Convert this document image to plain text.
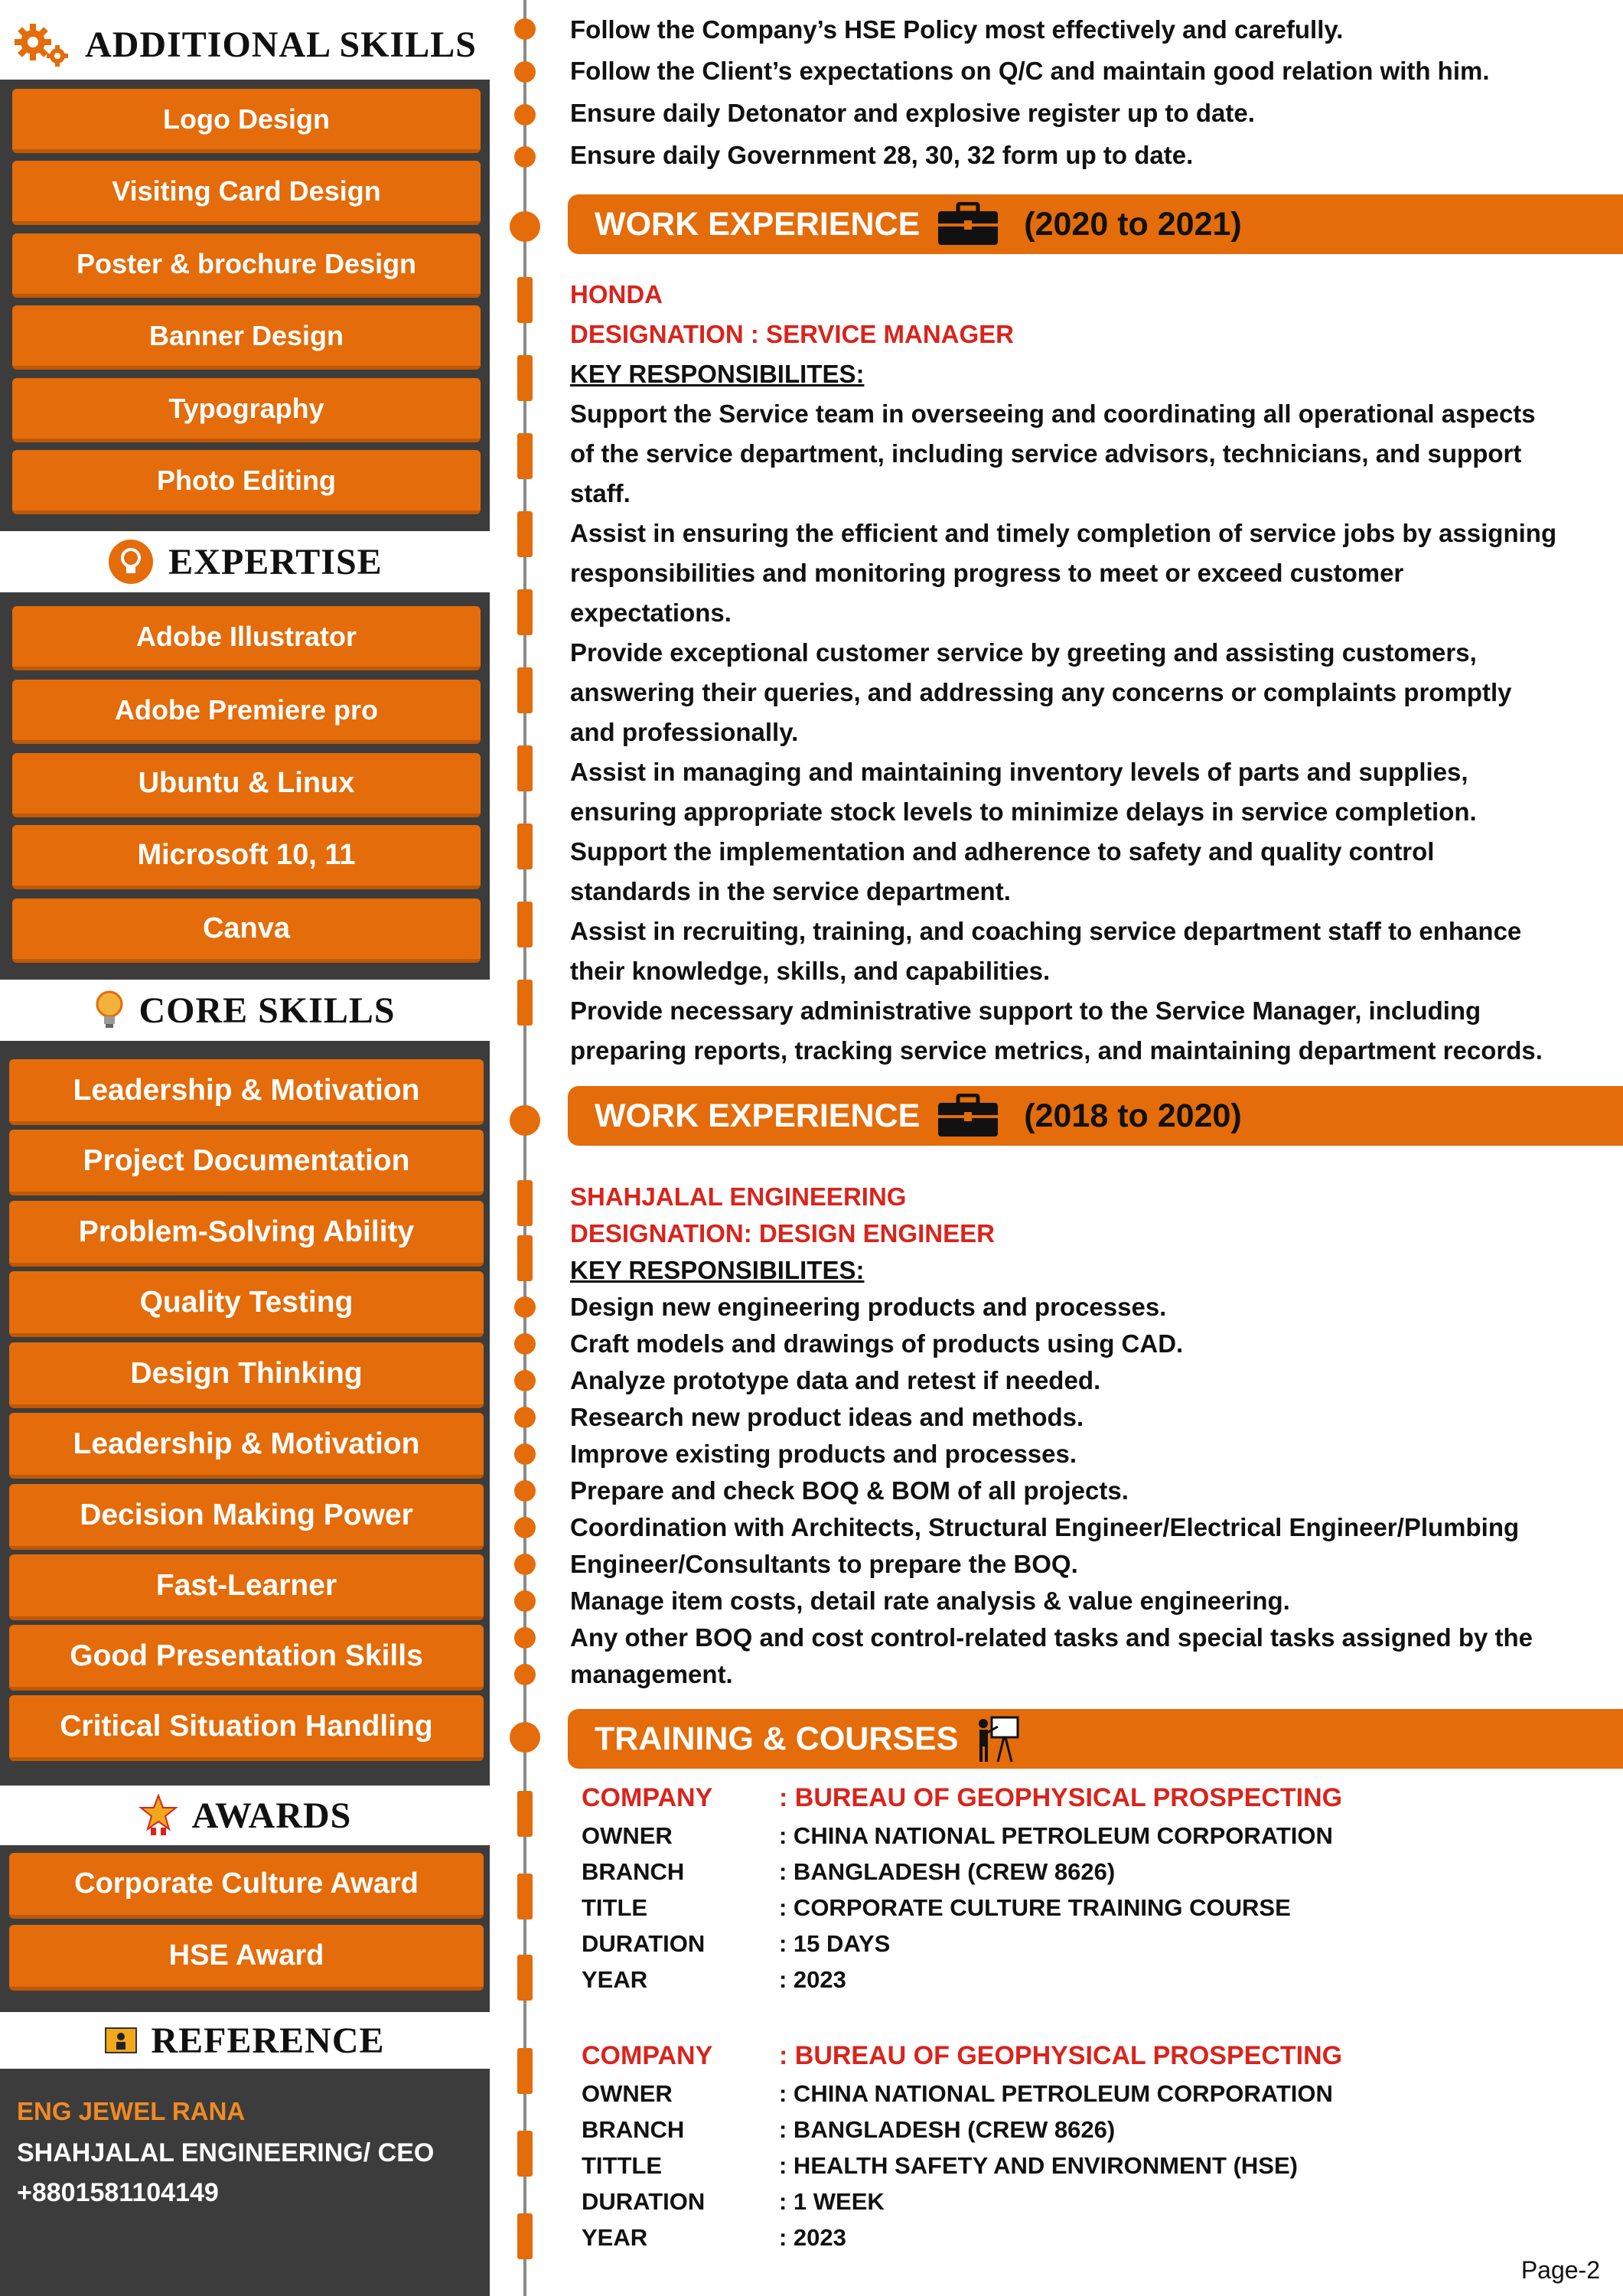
ADDITIONAL SKILLS
Logo Design
Visiting Card Design
Poster & brochure Design
Banner Design
Typography
Photo Editing
EXPERTISE
Adobe Illustrator
Adobe Premiere pro
Ubuntu & Linux
Microsoft 10, 11
Canva
CORE SKILLS
Leadership & Motivation
Project Documentation
Problem-Solving Ability
Quality Testing
Design Thinking
Leadership & Motivation
Decision Making Power
Fast-Learner
Good Presentation Skills
Critical Situation Handling
AWARDS
Corporate Culture Award
HSE Award
REFERENCE
ENG JEWEL RANA
SHAHJALAL ENGINEERING/ CEO
+8801581104149
Follow the Company’s HSE Policy most effectively and carefully.
Follow the Client’s expectations on Q/C and maintain good relation with him.
Ensure daily Detonator and explosive register up to date.
Ensure daily Government 28, 30, 32 form up to date.
WORK EXPERIENCE	(2020 to 2021)
HONDA
DESIGNATION : SERVICE MANAGER
KEY RESPONSIBILITES:
Support the Service team in overseeing and coordinating all operational aspects
of the service department, including service advisors, technicians, and support
staff.
Assist in ensuring the efficient and timely completion of service jobs by assigning
responsibilities and monitoring progress to meet or exceed customer
expectations.
Provide exceptional customer service by greeting and assisting customers,
answering their queries, and addressing any concerns or complaints promptly
and professionally.
Assist in managing and maintaining inventory levels of parts and supplies,
ensuring appropriate stock levels to minimize delays in service completion.
Support the implementation and adherence to safety and quality control
standards in the service department.
Assist in recruiting, training, and coaching service department staff to enhance
their knowledge, skills, and capabilities.
Provide necessary administrative support to the Service Manager, including
preparing reports, tracking service metrics, and maintaining department records.
WORK EXPERIENCE	(2018 to 2020)
SHAHJALAL ENGINEERING
DESIGNATION: DESIGN ENGINEER
KEY RESPONSIBILITES:
Design new engineering products and processes.
Craft models and drawings of products using CAD.
Analyze prototype data and retest if needed.
Research new product ideas and methods.
Improve existing products and processes.
Prepare and check BOQ & BOM of all projects.
Coordination with Architects, Structural Engineer/Electrical Engineer/Plumbing
Engineer/Consultants to prepare the BOQ.
Manage item costs, detail rate analysis & value engineering.
Any other BOQ and cost control-related tasks and special tasks assigned by the
management.
TRAINING & COURSES
COMPANY	: BUREAU OF GEOPHYSICAL PROSPECTING
OWNER	: CHINA NATIONAL PETROLEUM CORPORATION
BRANCH	: BANGLADESH (CREW 8626)
TITLE	: CORPORATE CULTURE TRAINING COURSE
DURATION	: 15 DAYS
YEAR	: 2023
COMPANY	: BUREAU OF GEOPHYSICAL PROSPECTING
OWNER	: CHINA NATIONAL PETROLEUM CORPORATION
BRANCH	: BANGLADESH (CREW 8626)
TITTLE	: HEALTH SAFETY AND ENVIRONMENT (HSE)
DURATION	: 1 WEEK
YEAR	: 2023
Page-2
